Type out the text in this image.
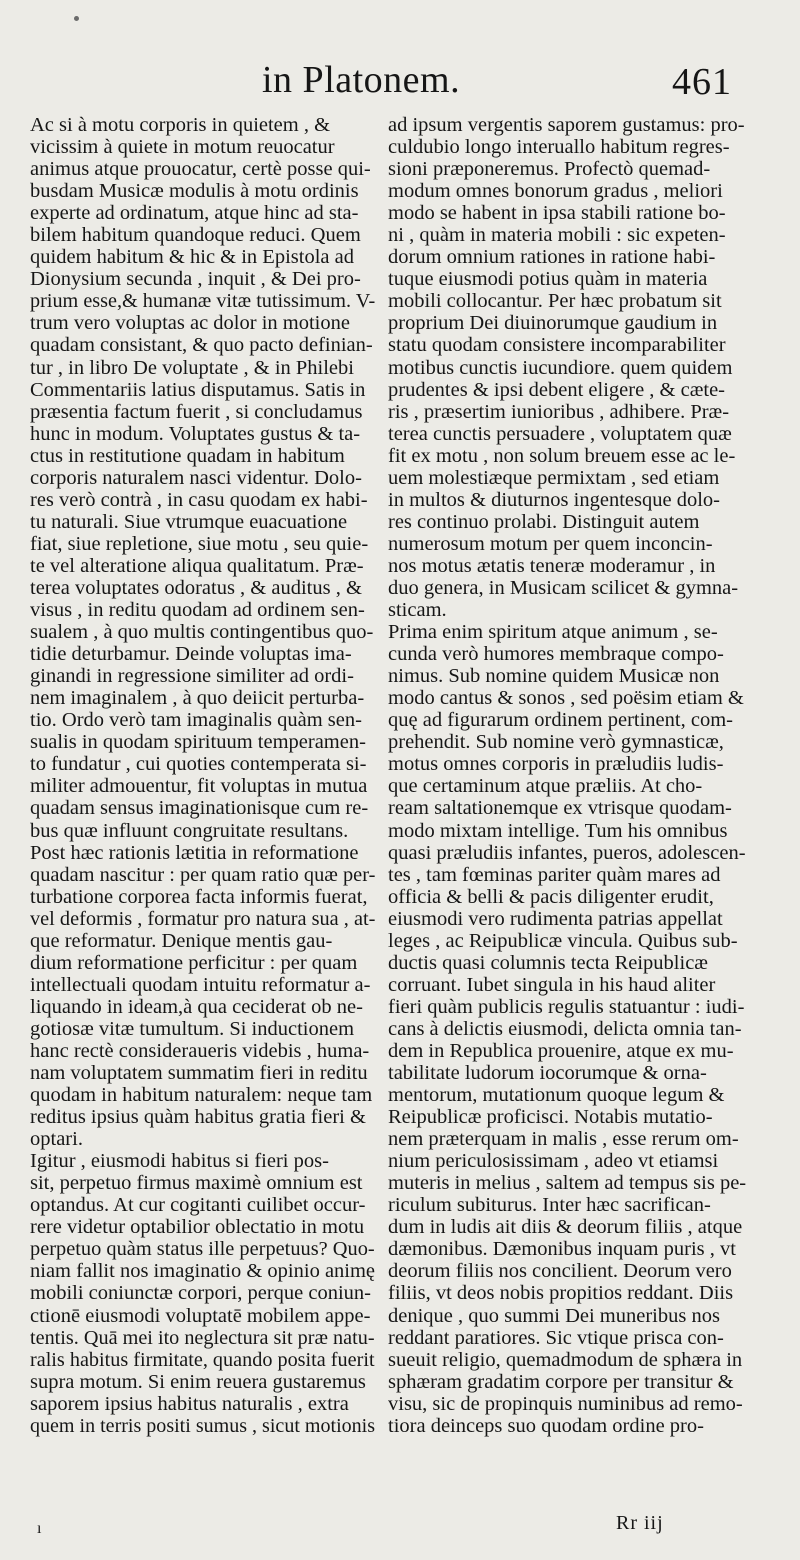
in Platonem.	461
Ac si à motu corporis in quietem , &
vicissim à quiete in motum reuocatur
animus atque prouocatur, certè posse qui-
busdam Musicæ modulis à motu ordinis
experte ad ordinatum, atque hinc ad sta-
bilem habitum quandoque reduci. Quem
quidem habitum & hic & in Epistola ad
Dionysium secunda , inquit , & Dei pro-
prium esse,& humanæ vitæ tutissimum. V-
trum vero voluptas ac dolor in motione
quadam consistant, & quo pacto definian-
tur , in libro De voluptate , & in Philebi
Commentariis latius disputamus. Satis in
præsentia factum fuerit , si concludamus
hunc in modum. Voluptates gustus & ta-
ctus in restitutione quadam in habitum
corporis naturalem nasci videntur. Dolo-
res verò contrà , in casu quodam ex habi-
tu naturali. Siue vtrumque euacuatione
fiat, siue repletione, siue motu , seu quie-
te vel alteratione aliqua qualitatum. Præ-
terea voluptates odoratus , & auditus , &
visus , in reditu quodam ad ordinem sen-
sualem , à quo multis contingentibus quo-
tidie deturbamur. Deinde voluptas ima-
ginandi in regressione similiter ad ordi-
nem imaginalem , à quo deiicit perturba-
tio. Ordo verò tam imaginalis quàm sen-
sualis in quodam spirituum temperamen-
to fundatur , cui quoties contemperata si-
militer admouentur, fit voluptas in mutua
quadam sensus imaginationisque cum re-
bus quæ influunt congruitate resultans.
Post hæc rationis lætitia in reformatione
quadam nascitur : per quam ratio quæ per-
turbatione corporea facta informis fuerat,
vel deformis , formatur pro natura sua , at-
que reformatur. Denique mentis gau-
dium reformatione perficitur : per quam
intellectuali quodam intuitu reformatur a-
liquando in ideam,à qua ceciderat ob ne-
gotiosæ vitæ tumultum. Si inductionem
hanc rectè consideraueris videbis , huma-
nam voluptatem summatim fieri in reditu
quodam in habitum naturalem: neque tam
reditus ipsius quàm habitus gratia fieri &
optari.
Igitur , eiusmodi habitus si fieri pos-
sit, perpetuo firmus maximè omnium est
optandus. At cur cogitanti cuilibet occur-
rere videtur optabilior oblectatio in motu
perpetuo quàm status ille perpetuus? Quo-
niam fallit nos imaginatio & opinio animę
mobili coniunctæ corpori, perque coniun-
ctionē eiusmodi voluptatē mobilem appe-
tentis. Quā mei ito neglectura sit præ natu-
ralis habitus firmitate, quando posita fuerit
supra motum. Si enim reuera gustaremus
saporem ipsius habitus naturalis , extra
quem in terris positi sumus , sicut motionis
ad ipsum vergentis saporem gustamus: pro-
culdubio longo interuallo habitum regres-
sioni præponeremus. Profectò quemad-
modum omnes bonorum gradus , meliori
modo se habent in ipsa stabili ratione bo-
ni , quàm in materia mobili : sic expeten-
dorum omnium rationes in ratione habi-
tuque eiusmodi potius quàm in materia
mobili collocantur. Per hæc probatum sit
proprium Dei diuinorumque gaudium in
statu quodam consistere incomparabiliter
motibus cunctis iucundiore. quem quidem
prudentes & ipsi debent eligere , & cæte-
ris , præsertim iunioribus , adhibere. Præ-
terea cunctis persuadere , voluptatem quæ
fit ex motu , non solum breuem esse ac le-
uem molestiæque permixtam , sed etiam
in multos & diuturnos ingentesque dolo-
res continuo prolabi. Distinguit autem
numerosum motum per quem inconcin-
nos motus ætatis teneræ moderamur , in
duo genera, in Musicam scilicet & gymna-
sticam.
Prima enim spiritum atque animum , se-
cunda verò humores membraque compo-
nimus. Sub nomine quidem Musicæ non
modo cantus & sonos , sed poësim etiam &
quę ad figurarum ordinem pertinent, com-
prehendit. Sub nomine verò gymnasticæ,
motus omnes corporis in præludiis ludis-
que certaminum atque præliis. At cho-
ream saltationemque ex vtrisque quodam-
modo mixtam intellige. Tum his omnibus
quasi præludiis infantes, pueros, adolescen-
tes , tam fœminas pariter quàm mares ad
officia & belli & pacis diligenter erudit,
eiusmodi vero rudimenta patrias appellat
leges , ac Reipublicæ vincula. Quibus sub-
ductis quasi columnis tecta Reipublicæ
corruant. Iubet singula in his haud aliter
fieri quàm publicis regulis statuantur : iudi-
cans à delictis eiusmodi, delicta omnia tan-
dem in Republica prouenire, atque ex mu-
tabilitate ludorum iocorumque & orna-
mentorum, mutationum quoque legum &
Reipublicæ proficisci. Notabis mutatio-
nem præterquam in malis , esse rerum om-
nium periculosissimam , adeo vt etiamsi
muteris in melius , saltem ad tempus sis pe-
riculum subiturus. Inter hæc sacrifican-
dum in ludis ait diis & deorum filiis , atque
dæmonibus. Dæmonibus inquam puris , vt
deorum filiis nos concilient. Deorum vero
filiis, vt deos nobis propitios reddant. Diis
denique , quo summi Dei muneribus nos
reddant paratiores. Sic vtique prisca con-
sueuit religio, quemadmodum de sphæra in
sphæram gradatim corpore per transitur &
visu, sic de propinquis numinibus ad remo-
tiora deinceps suo quodam ordine pro-
Rr iij
ı
